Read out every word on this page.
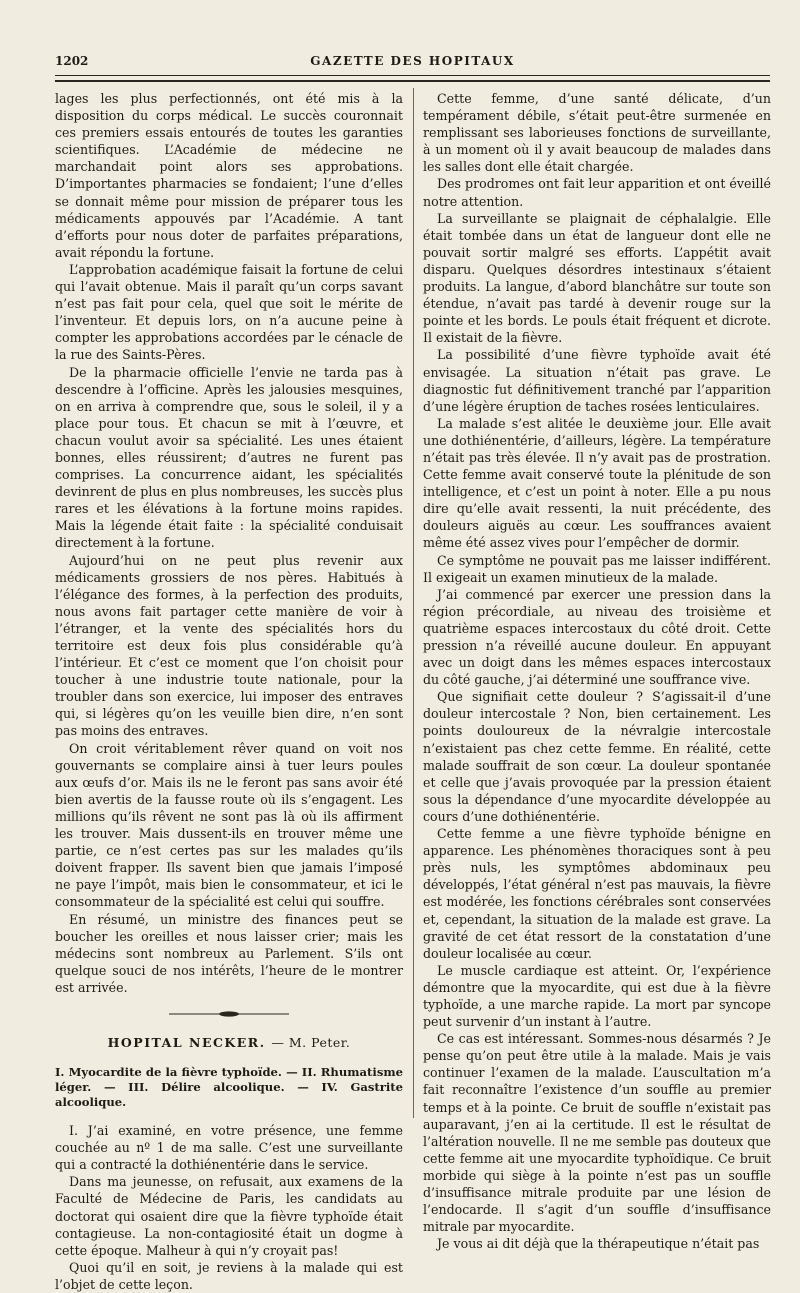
1202	GAZETTE DES HOPITAUX

lages les plus perfectionnés, ont été mis à la disposition du corps médical. Le succès couronnait ces premiers essais entourés de toutes les garanties scientifiques. L’Académie de médecine ne marchandait point alors ses approbations. D’importantes pharmacies se fondaient; l’une d’elles se donnait même pour mission de préparer tous les médicaments appouvés par l’Académie. A tant d’efforts pour nous doter de parfaites préparations, avait répondu la fortune.

L’approbation académique faisait la fortune de celui qui l’avait obtenue. Mais il paraît qu’un corps savant n’est pas fait pour cela, quel que soit le mérite de l’inventeur. Et depuis lors, on n’a aucune peine à compter les approbations accordées par le cénacle de la rue des Saints-Pères.

De la pharmacie officielle l’envie ne tarda pas à descendre à l’officine. Après les jalousies mesquines, on en arriva à comprendre que, sous le soleil, il y a place pour tous. Et chacun se mit à l’œuvre, et chacun voulut avoir sa spécialité. Les unes étaient bonnes, elles réussirent; d’autres ne furent pas comprises. La concurrence aidant, les spécialités devinrent de plus en plus nombreuses, les succès plus rares et les élévations à la fortune moins rapides. Mais la légende était faite : la spécialité conduisait directement à la fortune.

Aujourd’hui on ne peut plus revenir aux médicaments grossiers de nos pères. Habitués à l’élégance des formes, à la perfection des produits, nous avons fait partager cette manière de voir à l’étranger, et la vente des spécialités hors du territoire est deux fois plus considérable qu’à l’intérieur. Et c’est ce moment que l’on choisit pour toucher à une industrie toute nationale, pour la troubler dans son exercice, lui imposer des entraves qui, si légères qu’on les veuille bien dire, n’en sont pas moins des entraves.

On croit véritablement rêver quand on voit nos gouvernants se complaire ainsi à tuer leurs poules aux œufs d’or. Mais ils ne le feront pas sans avoir été bien avertis de la fausse route où ils s’engagent. Les millions qu’ils rêvent ne sont pas là où ils affirment les trouver. Mais dussent-ils en trouver même une partie, ce n’est certes pas sur les malades qu’ils doivent frapper. Ils savent bien que jamais l’imposé ne paye l’impôt, mais bien le consommateur, et ici le consommateur de la spécialité est celui qui souffre.

En résumé, un ministre des finances peut se boucher les oreilles et nous laisser crier; mais les médecins sont nombreux au Parlement. S’ils ont quelque souci de nos intérêts, l’heure de le montrer est arrivée.

HOPITAL NECKER. — M. Peter.
I. Myocardite de la fièvre typhoïde. — II. Rhumatisme léger. — III. Délire alcoolique. — IV. Gastrite alcoolique.

I. J’ai examiné, en votre présence, une femme couchée au nº 1 de ma salle. C’est une surveillante qui a contracté la dothiénentérie dans le service.

Dans ma jeunesse, on refusait, aux examens de la Faculté de Médecine de Paris, les candidats au doctorat qui osaient dire que la fièvre typhoïde était contagieuse. La non-contagiosité était un dogme à cette époque. Malheur à qui n’y croyait pas!

Quoi qu’il en soit, je reviens à la malade qui est l’objet de cette leçon.

Cette femme, d’une santé délicate, d’un tempérament débile, s’était peut-être surmenée en remplissant ses laborieuses fonctions de surveillante, à un moment où il y avait beaucoup de malades dans les salles dont elle était chargée.

Des prodromes ont fait leur apparition et ont éveillé notre attention.

La surveillante se plaignait de céphalalgie. Elle était tombée dans un état de langueur dont elle ne pouvait sortir malgré ses efforts. L’appétit avait disparu. Quelques désordres intestinaux s’étaient produits. La langue, d’abord blanchâtre sur toute son étendue, n’avait pas tardé à devenir rouge sur la pointe et les bords. Le pouls était fréquent et dicrote. Il existait de la fièvre.

La possibilité d’une fièvre typhoïde avait été envisagée. La situation n’était pas grave. Le diagnostic fut définitivement tranché par l’apparition d’une légère éruption de taches rosées lenticulaires.

La malade s’est alitée le deuxième jour. Elle avait une dothiénentérie, d’ailleurs, légère. La température n’était pas très élevée. Il n’y avait pas de prostration. Cette femme avait conservé toute la plénitude de son intelligence, et c’est un point à noter. Elle a pu nous dire qu’elle avait ressenti, la nuit précédente, des douleurs aiguës au cœur. Les souffrances avaient même été assez vives pour l’empêcher de dormir.

Ce symptôme ne pouvait pas me laisser indifférent. Il exigeait un examen minutieux de la malade.

J’ai commencé par exercer une pression dans la région précordiale, au niveau des troisième et quatrième espaces intercostaux du côté droit. Cette pression n’a réveillé aucune douleur. En appuyant avec un doigt dans les mêmes espaces intercostaux du côté gauche, j’ai déterminé une souffrance vive.

Que signifiait cette douleur ? S’agissait-il d’une douleur intercostale ? Non, bien certainement. Les points douloureux de la névralgie intercostale n’existaient pas chez cette femme. En réalité, cette malade souffrait de son cœur. La douleur spontanée et celle que j’avais provoquée par la pression étaient sous la dépendance d’une myocardite développée au cours d’une dothiénentérie.

Cette femme a une fièvre typhoïde bénigne en apparence. Les phénomènes thoraciques sont à peu près nuls, les symptômes abdominaux peu développés, l’état général n’est pas mauvais, la fièvre est modérée, les fonctions cérébrales sont conservées et, cependant, la situation de la malade est grave. La gravité de cet état ressort de la constatation d’une douleur localisée au cœur.

Le muscle cardiaque est atteint. Or, l’expérience démontre que la myocardite, qui est due à la fièvre typhoïde, a une marche rapide. La mort par syncope peut survenir d’un instant à l’autre.

Ce cas est intéressant. Sommes-nous désarmés ? Je pense qu’on peut être utile à la malade. Mais je vais continuer l’examen de la malade. L’auscultation m’a fait reconnaître l’existence d’un souffle au premier temps et à la pointe. Ce bruit de souffle n’existait pas auparavant, j’en ai la certitude. Il est le résultat de l’altération nouvelle. Il ne me semble pas douteux que cette femme ait une myocardite typhoïdique. Ce bruit morbide qui siège à la pointe n’est pas un souffle d’insuffisance mitrale produite par une lésion de l’endocarde. Il s’agit d’un souffle d’insuffisance mitrale par myocardite.

Je vous ai dit déjà que la thérapeutique n’était pas
